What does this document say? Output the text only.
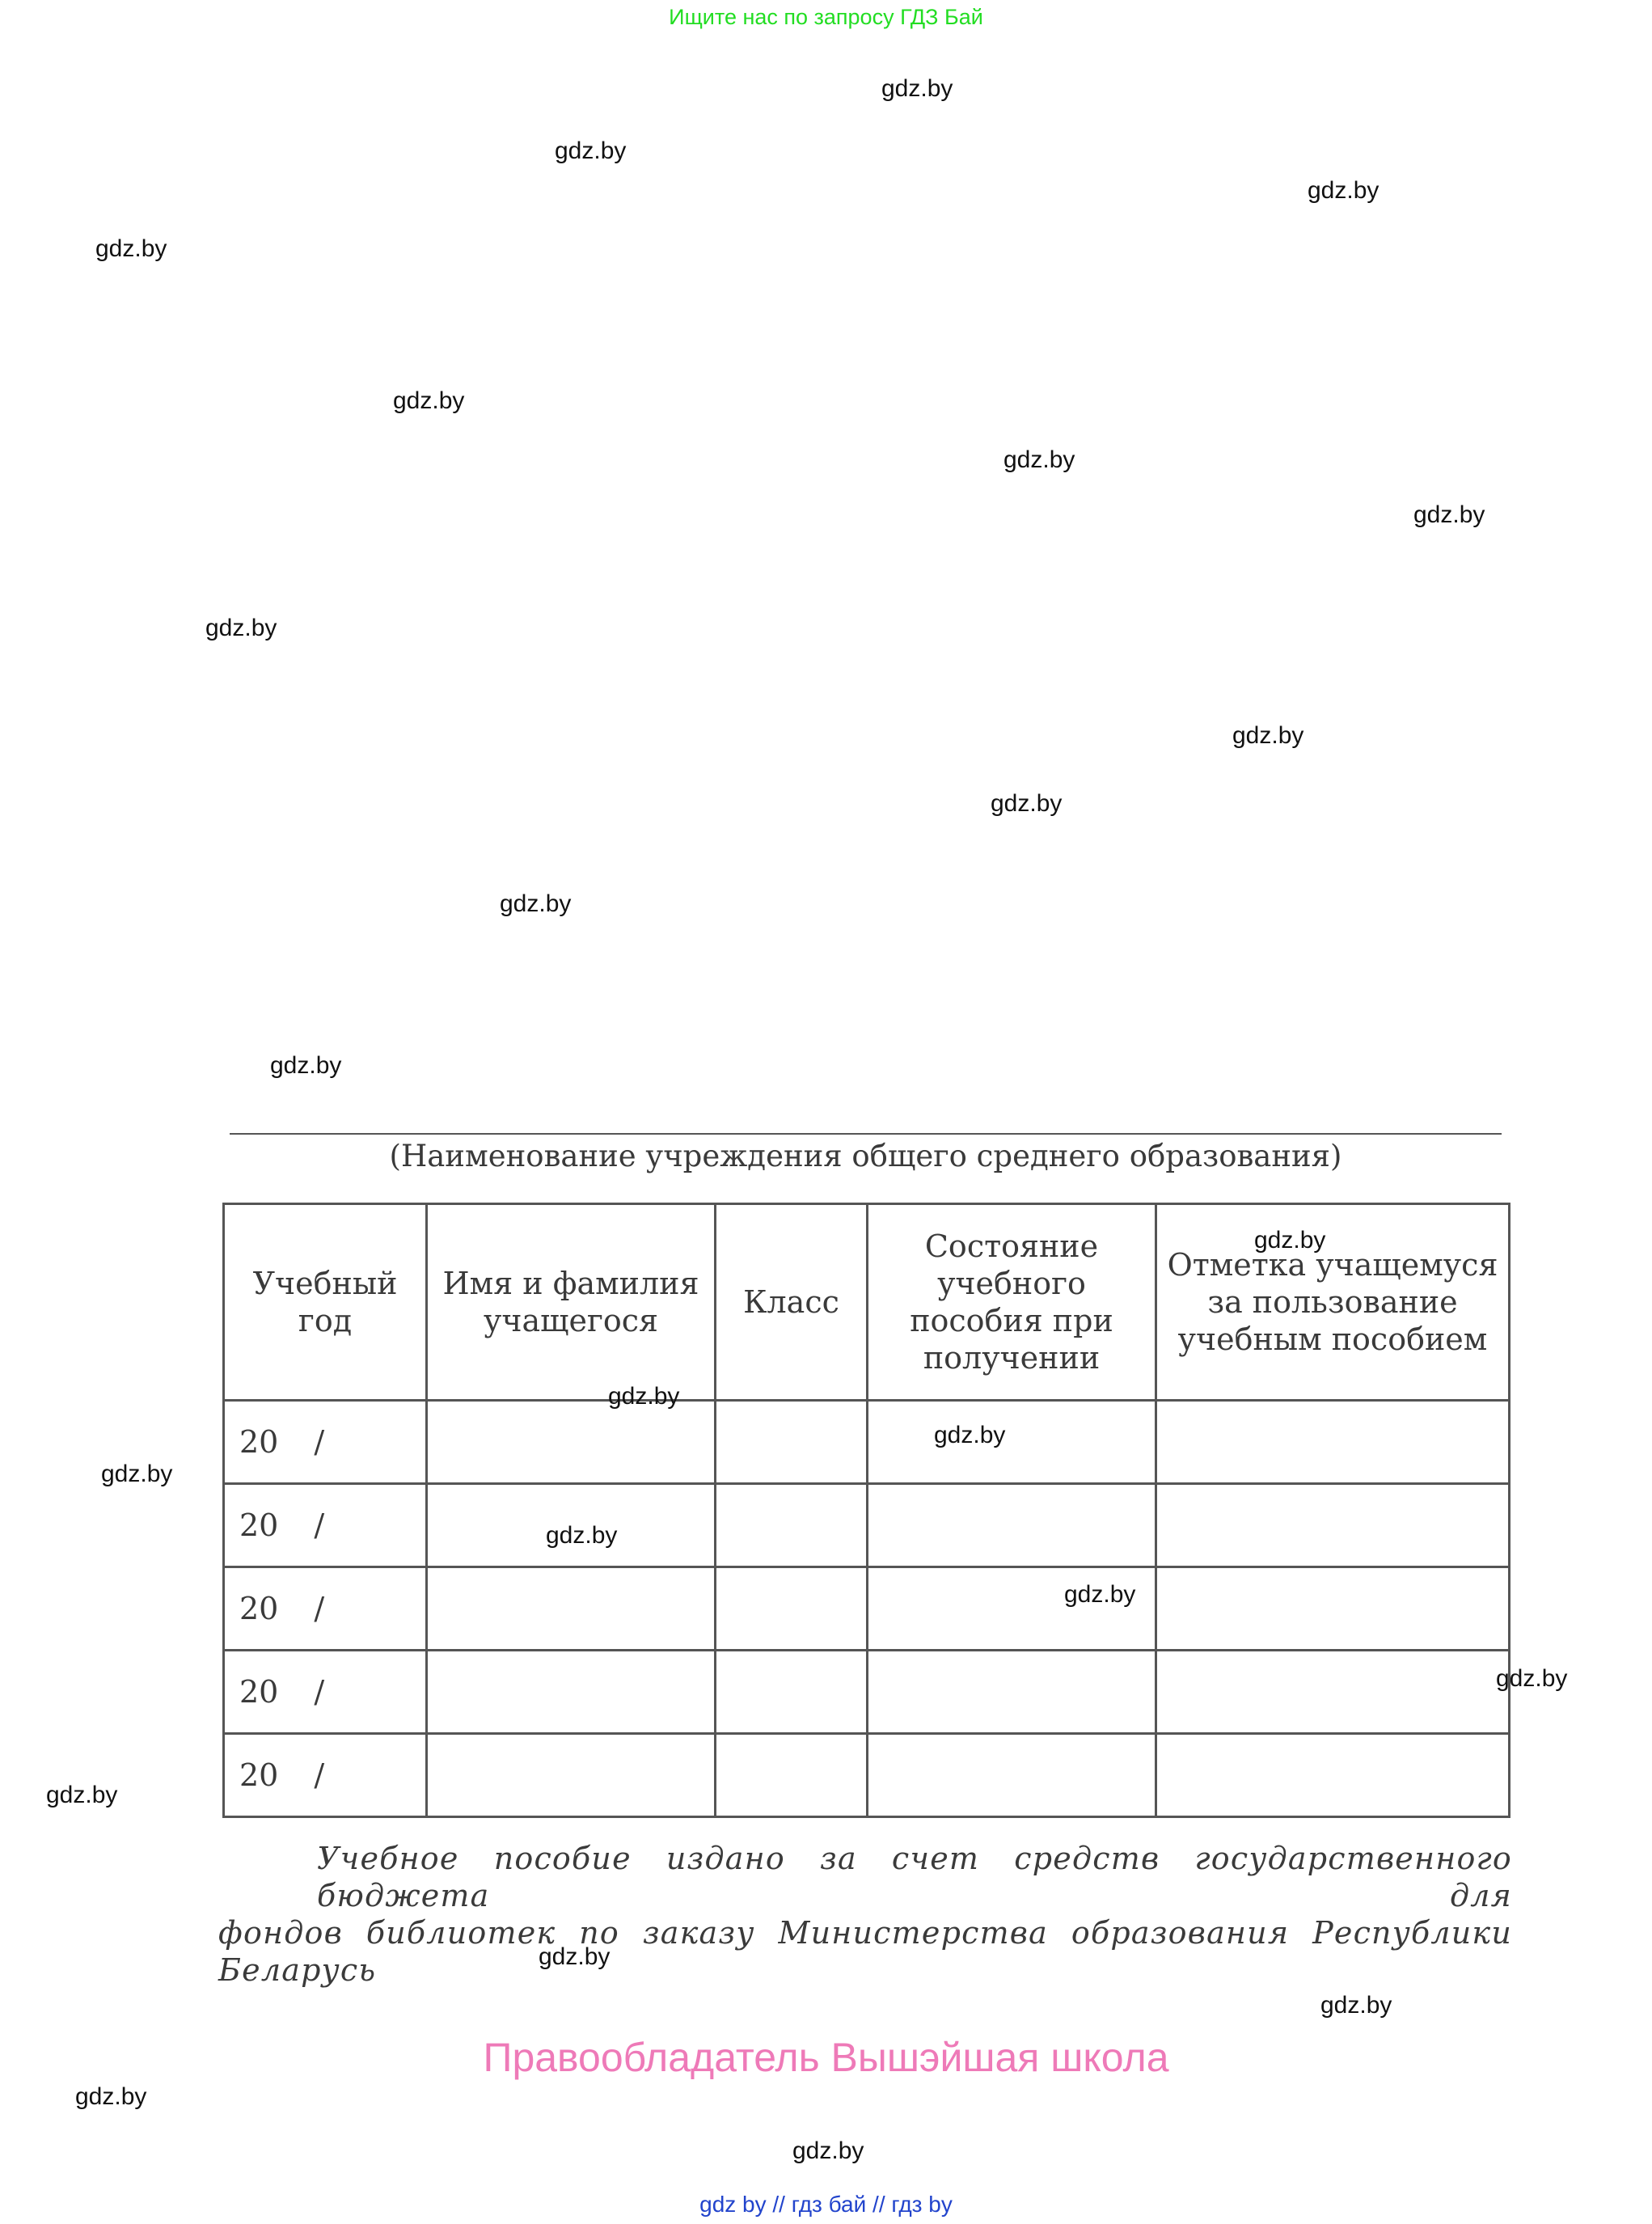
Ищите нас по запросу ГДЗ Бай
gdz.by
gdz.by
gdz.by
gdz.by
gdz.by
gdz.by
gdz.by
gdz.by
gdz.by
gdz.by
gdz.by
gdz.by
(Наименование учреждения общего среднего образования)
Учебный год	Имя и фамилия учащегося	Класс	Состояние учебного пособия при получении	Отметка учащемуся за пользование учебным пособием
20 /				
20 /				
20 /				
20 /				
20 /				
gdz.by
gdz.by
gdz.by
gdz.by
gdz.by
gdz.by
gdz.by
gdz.by
Учебное пособие издано за счет средств государственного бюджета для
фондов библиотек по заказу Министерства образования Республики Беларусь	gdz.by
gdz.by
gdz.by
gdz.by
Правообладатель Вышэйшая школа
gdz by // гдз бай // гдз by
